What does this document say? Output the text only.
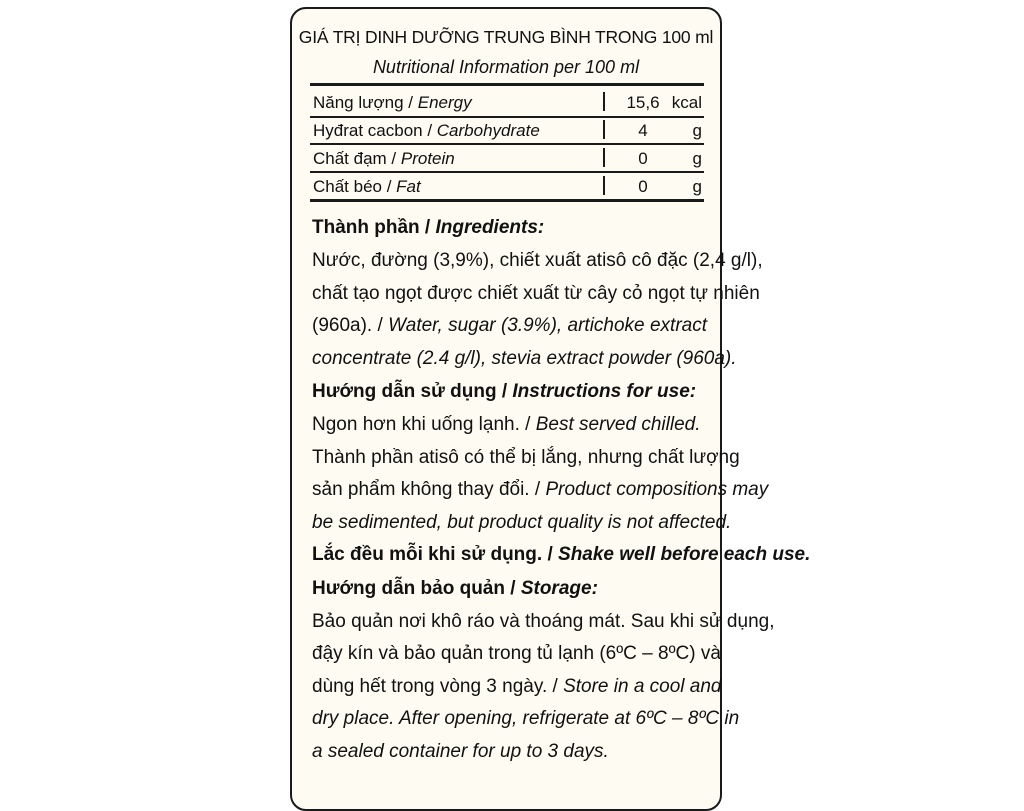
GIÁ TRỊ DINH DƯỠNG TRUNG BÌNH TRONG 100 ml
Nutritional Information per 100 ml
Năng lượng / Energy	15,6 kcal
Hyđrat cacbon / Carbohydrate	4	g
Chất đạm / Protein	0	g
Chất béo / Fat	0	g
Thành phần / Ingredients:
Nước, đường (3,9%), chiết xuất atisô cô đặc (2,4 g/l),
chất tạo ngọt được chiết xuất từ cây cỏ ngọt tự nhiên
(960a). / Water, sugar (3.9%), artichoke extract
concentrate (2.4 g/l), stevia extract powder (960a).
Hướng dẫn sử dụng / Instructions for use:
Ngon hơn khi uống lạnh. / Best served chilled.
Thành phần atisô có thể bị lắng, nhưng chất lượng
sản phẩm không thay đổi. / Product compositions may
be sedimented, but product quality is not affected.
Lắc đều mỗi khi sử dụng. / Shake well before each use.
Hướng dẫn bảo quản / Storage:
Bảo quản nơi khô ráo và thoáng mát. Sau khi sử dụng,
đậy kín và bảo quản trong tủ lạnh (6ºC – 8ºC) và
dùng hết trong vòng 3 ngày. / Store in a cool and
dry place. After opening, refrigerate at 6ºC – 8ºC in
a sealed container for up to 3 days.
